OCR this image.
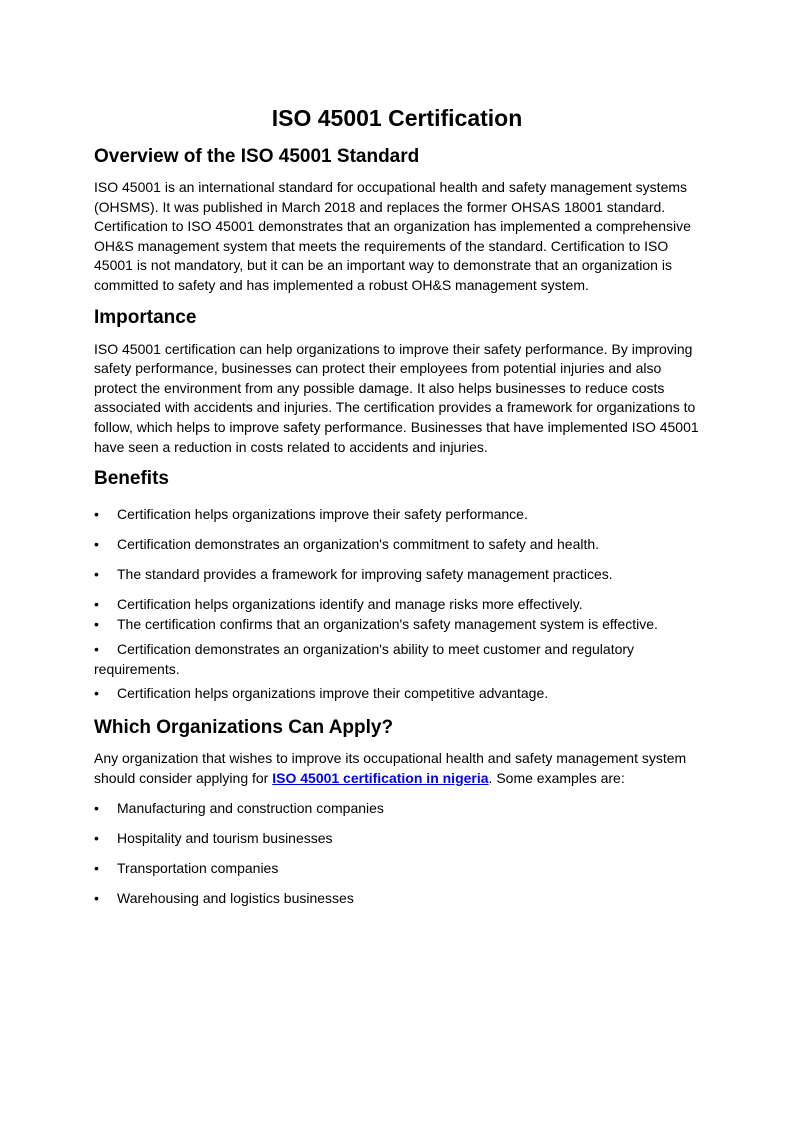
ISO 45001 Certification
Overview of the ISO 45001 Standard

ISO 45001 is an international standard for occupational health and safety management systems (OHSMS). It was published in March 2018 and replaces the former OHSAS 18001 standard. Certification to ISO 45001 demonstrates that an organization has implemented a comprehensive OH&S management system that meets the requirements of the standard. Certification to ISO 45001 is not mandatory, but it can be an important way to demonstrate that an organization is committed to safety and has implemented a robust OH&S management system.

Importance

ISO 45001 certification can help organizations to improve their safety performance. By improving safety performance, businesses can protect their employees from potential injuries and also protect the environment from any possible damage. It also helps businesses to reduce costs associated with accidents and injuries. The certification provides a framework for organizations to follow, which helps to improve safety performance. Businesses that have implemented ISO 45001 have seen a reduction in costs related to accidents and injuries.

Benefits
• Certification helps organizations improve their safety performance.
• Certification demonstrates an organization's commitment to safety and health.
• The standard provides a framework for improving safety management practices.
• Certification helps organizations identify and manage risks more effectively.
• The certification confirms that an organization's safety management system is effective.
• Certification demonstrates an organization's ability to meet customer and regulatory requirements.
• Certification helps organizations improve their competitive advantage.
Which Organizations Can Apply?

Any organization that wishes to improve its occupational health and safety management system should consider applying for ISO 45001 certification in nigeria. Some examples are:

• Manufacturing and construction companies
• Hospitality and tourism businesses
• Transportation companies
• Warehousing and logistics businesses
